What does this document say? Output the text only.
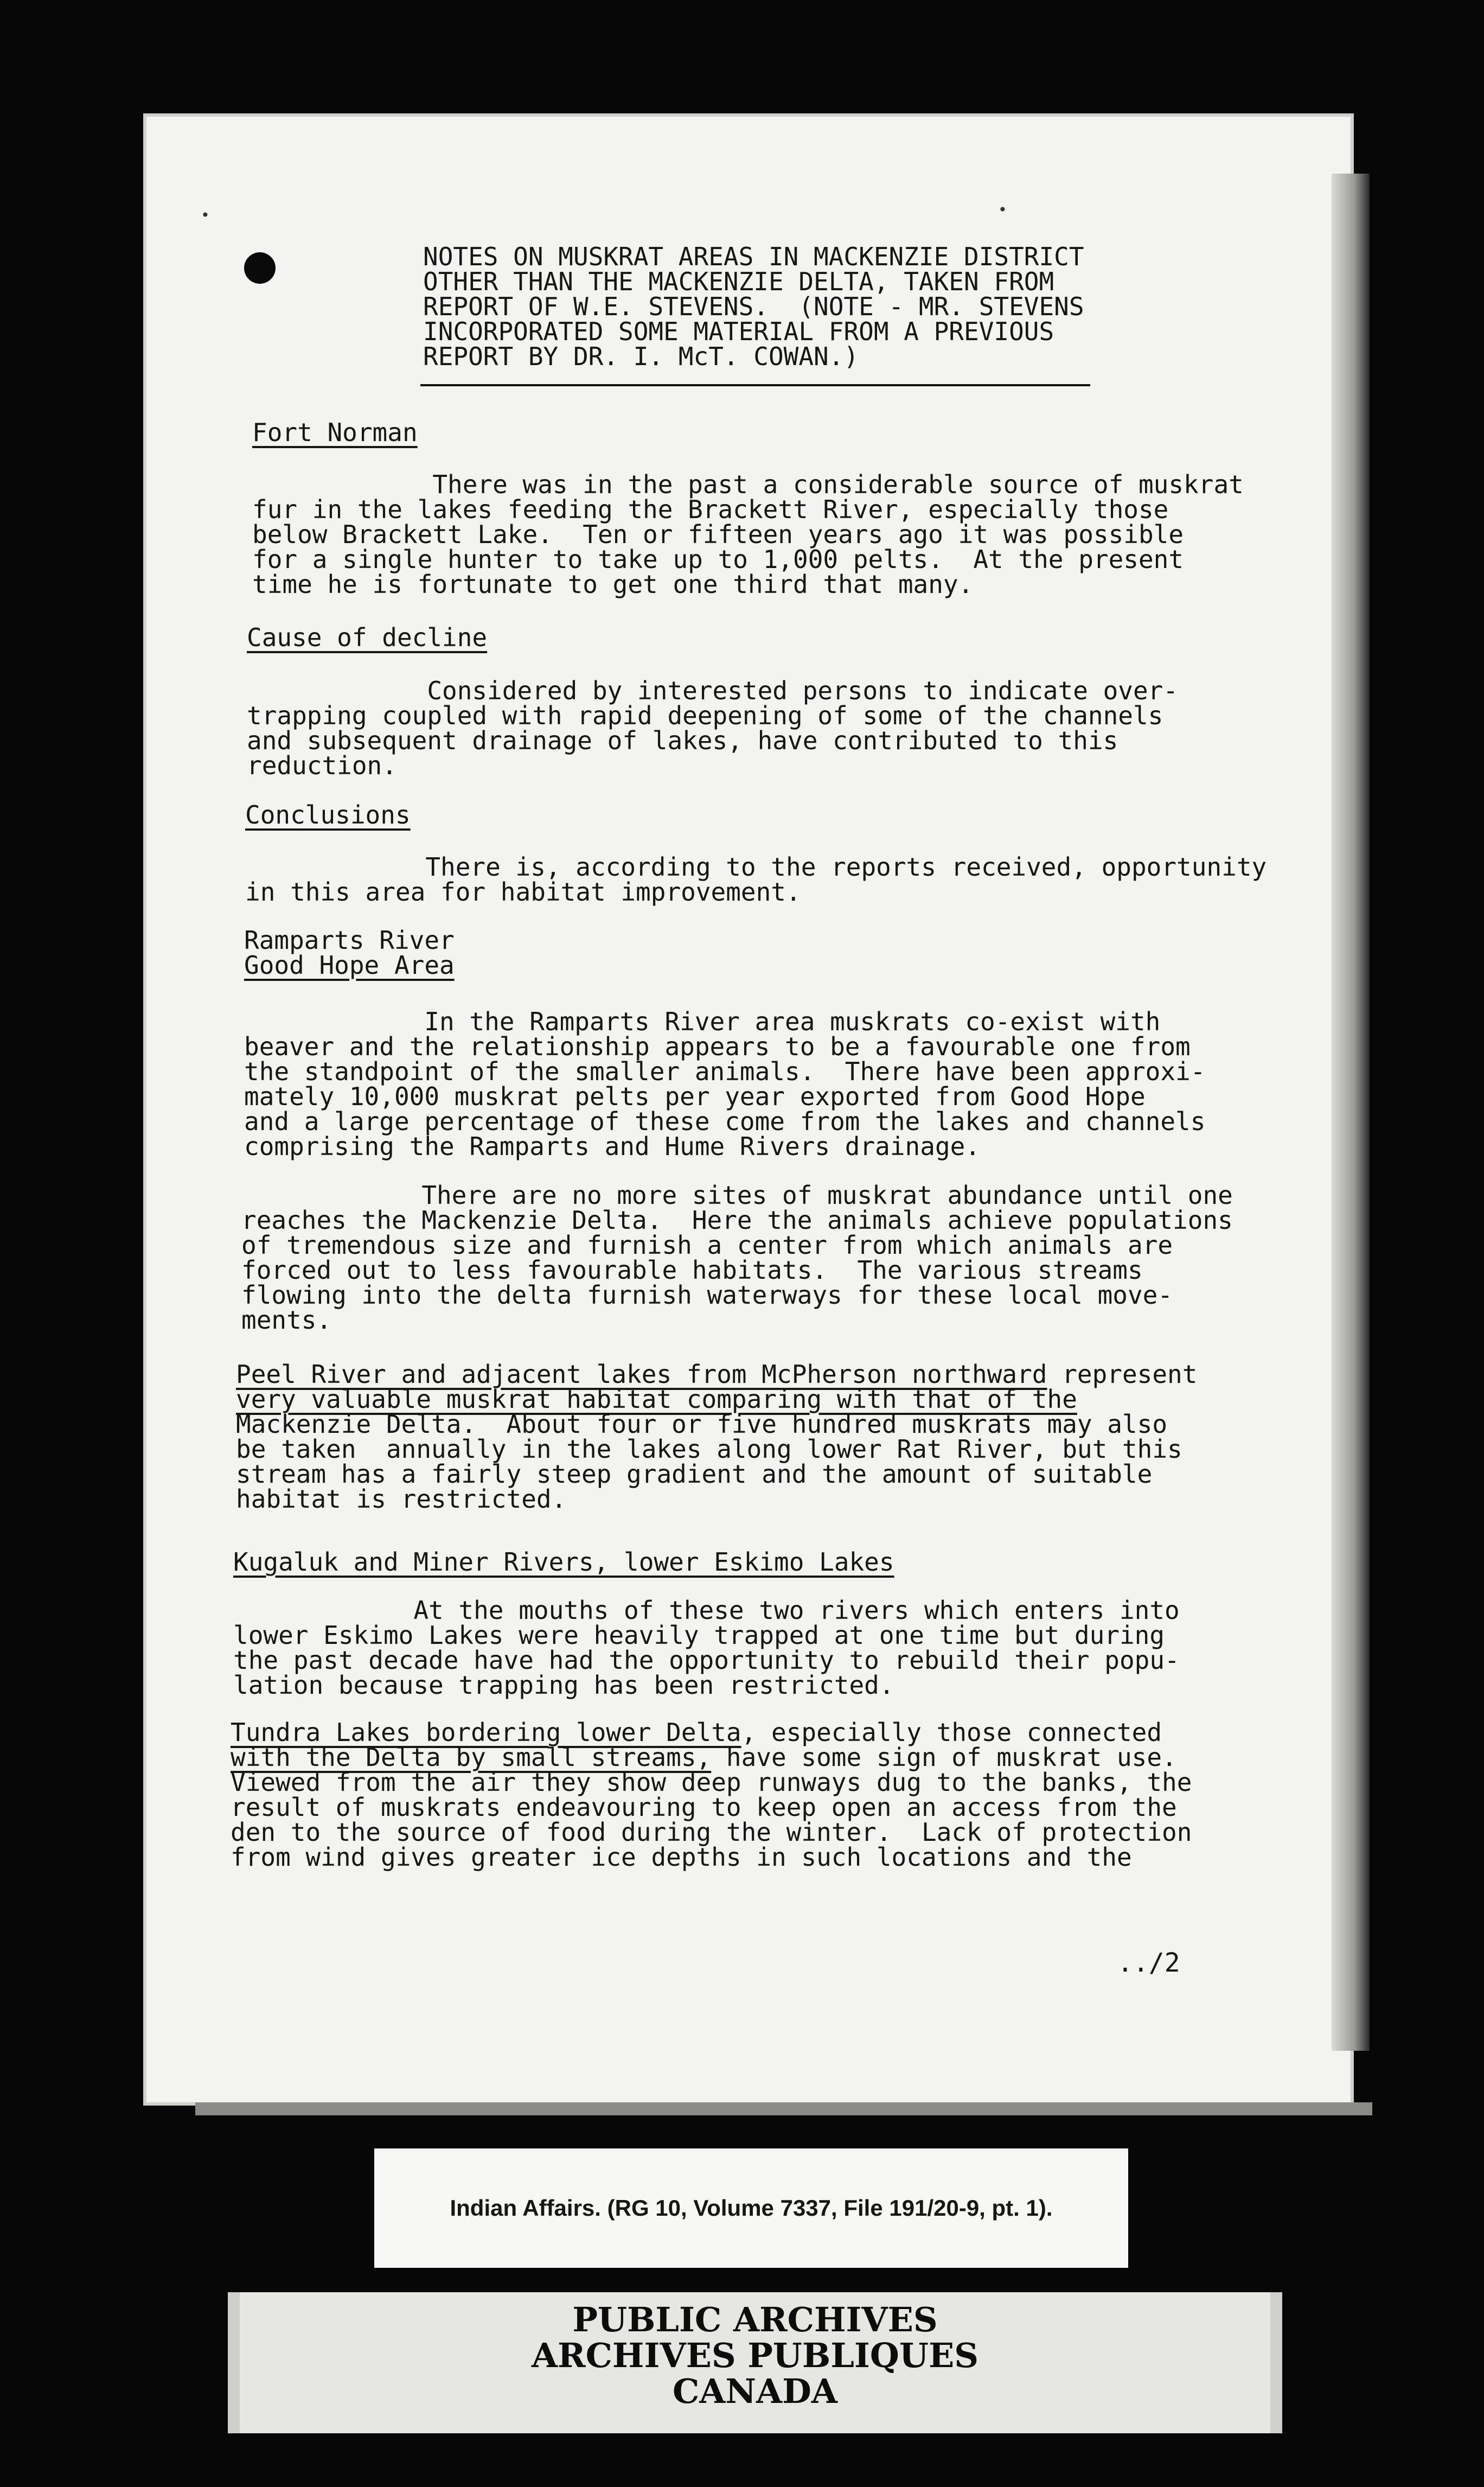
•	•
NOTES ON MUSKRAT AREAS IN MACKENZIE DISTRICT
OTHER THAN THE MACKENZIE DELTA, TAKEN FROM
REPORT OF W.E. STEVENS.  (NOTE - MR. STEVENS
INCORPORATED SOME MATERIAL FROM A PREVIOUS
REPORT BY DR. I. McT. COWAN.)
Fort Norman
There was in the past a considerable source of muskrat
fur in the lakes feeding the Brackett River, especially those
below Brackett Lake.  Ten or fifteen years ago it was possible
for a single hunter to take up to 1,000 pelts.  At the present
time he is fortunate to get one third that many.
Cause of decline
Considered by interested persons to indicate over-
trapping coupled with rapid deepening of some of the channels
and subsequent drainage of lakes, have contributed to this
reduction.
Conclusions
There is, according to the reports received, opportunity
in this area for habitat improvement.
Ramparts River
Good Hope Area
In the Ramparts River area muskrats co-exist with
beaver and the relationship appears to be a favourable one from
the standpoint of the smaller animals.  There have been approxi-
mately 10,000 muskrat pelts per year exported from Good Hope
and a large percentage of these come from the lakes and channels
comprising the Ramparts and Hume Rivers drainage.
There are no more sites of muskrat abundance until one
reaches the Mackenzie Delta.  Here the animals achieve populations
of tremendous size and furnish a center from which animals are
forced out to less favourable habitats.  The various streams
flowing into the delta furnish waterways for these local move-
ments.
Peel River and adjacent lakes from McPherson northward represent
very valuable muskrat habitat comparing with that of the
Mackenzie Delta.  About four or five hundred muskrats may also
be taken  annually in the lakes along lower Rat River, but this
stream has a fairly steep gradient and the amount of suitable
habitat is restricted.
Kugaluk and Miner Rivers, lower Eskimo Lakes
At the mouths of these two rivers which enters into
lower Eskimo Lakes were heavily trapped at one time but during
the past decade have had the opportunity to rebuild their popu-
lation because trapping has been restricted.
Tundra Lakes bordering lower Delta, especially those connected
with the Delta by small streams, have some sign of muskrat use.
Viewed from the air they show deep runways dug to the banks, the
result of muskrats endeavouring to keep open an access from the
den to the source of food during the winter.  Lack of protection
from wind gives greater ice depths in such locations and the
../2
Indian Affairs. (RG 10, Volume 7337, File 191/20-9, pt. 1).
PUBLIC ARCHIVES
ARCHIVES PUBLIQUES
CANADA
